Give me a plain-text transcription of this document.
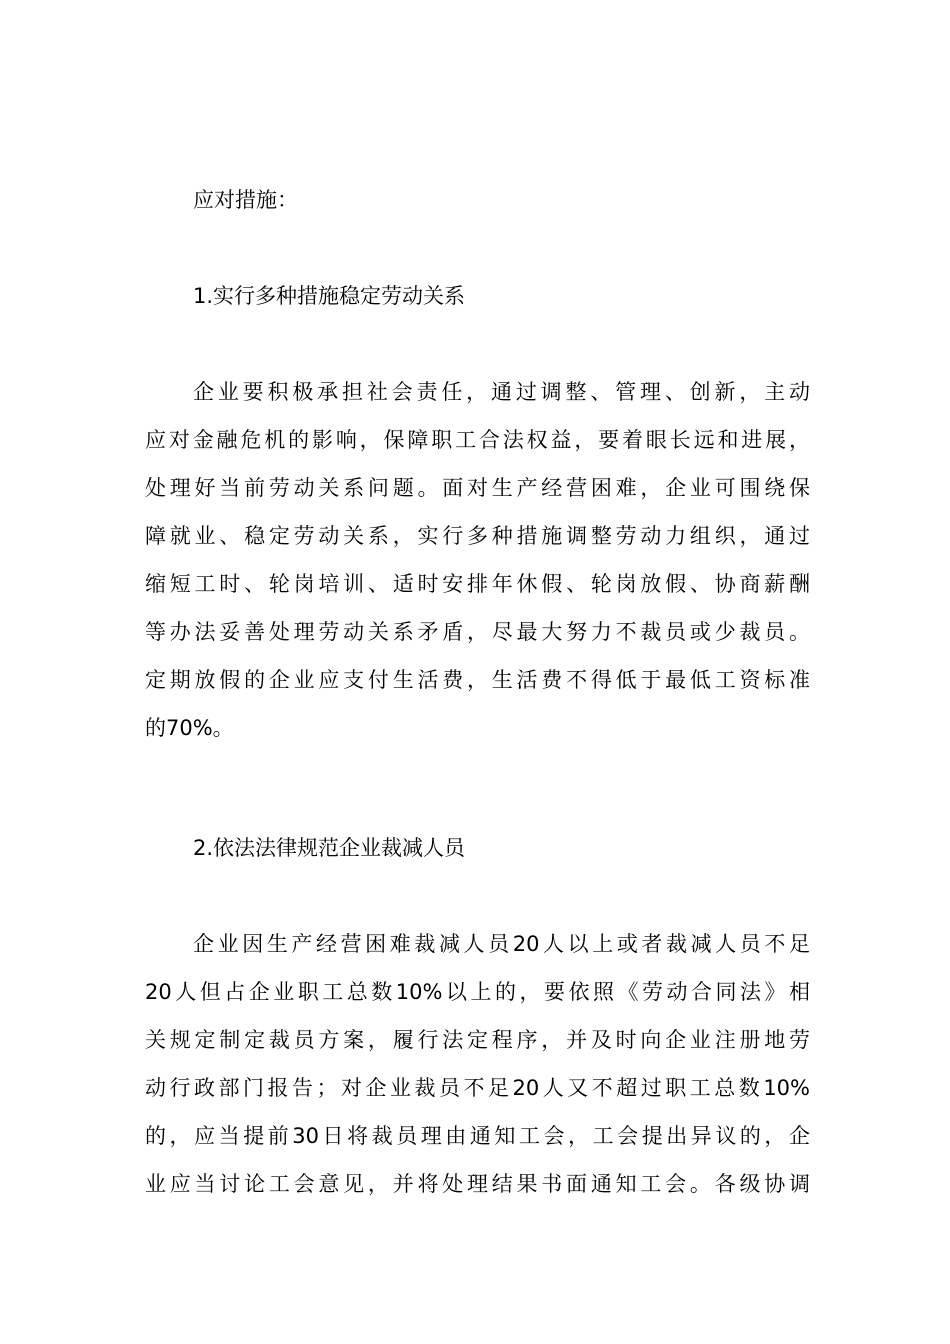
应对措施：
1.实行多种措施稳定劳动关系
企业要积极承担社会责任，通过调整、管理、创新，主动
应对金融危机的影响，保障职工合法权益，要着眼长远和进展，
处理好当前劳动关系问题。面对生产经营困难，企业可围绕保
障就业、稳定劳动关系，实行多种措施调整劳动力组织，通过
缩短工时、轮岗培训、适时安排年休假、轮岗放假、协商薪酬
等办法妥善处理劳动关系矛盾，尽最大努力不裁员或少裁员。
定期放假的企业应支付生活费，生活费不得低于最低工资标准
的70%。
2.依法法律规范企业裁减人员
企业因生产经营困难裁减人员20人以上或者裁减人员不足
20人但占企业职工总数10%以上的，要依照《劳动合同法》相
关规定制定裁员方案，履行法定程序，并及时向企业注册地劳
动行政部门报告；对企业裁员不足20人又不超过职工总数10%
的，应当提前30日将裁员理由通知工会，工会提出异议的，企
业应当讨论工会意见，并将处理结果书面通知工会。各级协调
